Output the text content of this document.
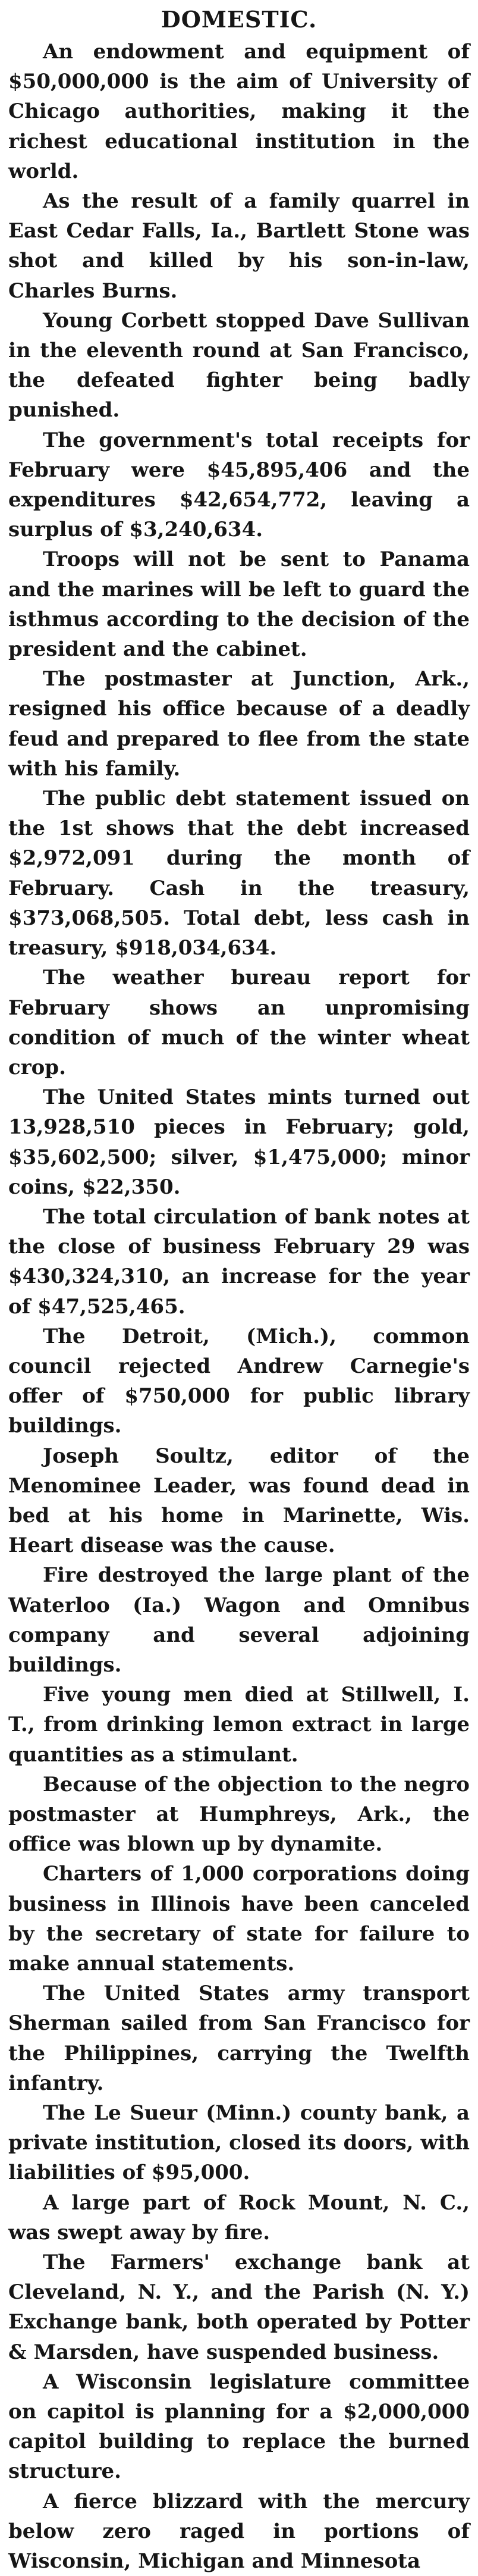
DOMESTIC.

An endowment and equipment of $50,000,000 is the aim of University of Chicago authorities, making it the richest educational institution in the world.

As the result of a family quarrel in East Cedar Falls, Ia., Bartlett Stone was shot and killed by his son-in-law, Charles Burns.

Young Corbett stopped Dave Sullivan in the eleventh round at San Francisco, the defeated fighter being badly punished.

The government's total receipts for February were $45,895,406 and the expenditures $42,654,772, leaving a surplus of $3,240,634.

Troops will not be sent to Panama and the marines will be left to guard the isthmus according to the decision of the president and the cabinet.

The postmaster at Junction, Ark., resigned his office because of a deadly feud and prepared to flee from the state with his family.

The public debt statement issued on the 1st shows that the debt increased $2,972,091 during the month of February. Cash in the treasury, $373,068,505. Total debt, less cash in treasury, $918,034,634.

The weather bureau report for February shows an unpromising condition of much of the winter wheat crop.

The United States mints turned out 13,928,510 pieces in February; gold, $35,602,500; silver, $1,475,000; minor coins, $22,350.

The total circulation of bank notes at the close of business February 29 was $430,324,310, an increase for the year of $47,525,465.

The Detroit, (Mich.), common council rejected Andrew Carnegie's offer of $750,000 for public library buildings.

Joseph Soultz, editor of the Menominee Leader, was found dead in bed at his home in Marinette, Wis. Heart disease was the cause.

Fire destroyed the large plant of the Waterloo (Ia.) Wagon and Omnibus company and several adjoining buildings.

Five young men died at Stillwell, I. T., from drinking lemon extract in large quantities as a stimulant.

Because of the objection to the negro postmaster at Humphreys, Ark., the office was blown up by dynamite.

Charters of 1,000 corporations doing business in Illinois have been canceled by the secretary of state for failure to make annual statements.

The United States army transport Sherman sailed from San Francisco for the Philippines, carrying the Twelfth infantry.

The Le Sueur (Minn.) county bank, a private institution, closed its doors, with liabilities of $95,000.

A large part of Rock Mount, N. C., was swept away by fire.

The Farmers' exchange bank at Cleveland, N. Y., and the Parish (N. Y.) Exchange bank, both operated by Potter & Marsden, have suspended business.

A Wisconsin legislature committee on capitol is planning for a $2,000,000 capitol building to replace the burned structure.

A fierce blizzard with the mercury below zero raged in portions of Wisconsin, Michigan and Minnesota
